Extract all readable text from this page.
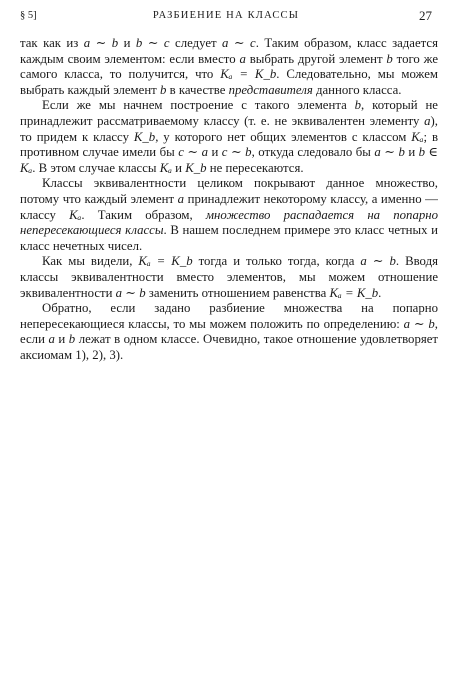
§ 5]	РАЗБИЕНИЕ НА КЛАССЫ	27

так как из a ∼ b и b ∼ c следует a ∼ c. Таким образом, класс задается каждым своим элементом: если вместо a выбрать другой элемент b того же самого класса, то получится, что Kₐ = K_b. Следовательно, мы можем выбрать каждый элемент b в качестве представителя данного класса.

Если же мы начнем построение с такого элемента b, который не принадлежит рассматриваемому классу (т. е. не эквивалентен элементу a), то придем к классу K_b, у которого нет общих элементов с классом Kₐ; в противном случае имели бы c ∼ a и c ∼ b, откуда следовало бы a ∼ b и b ∈ Kₐ. В этом случае классы Kₐ и K_b не пересекаются.

Классы эквивалентности целиком покрывают данное множество, потому что каждый элемент a принадлежит некоторому классу, а именно — классу Kₐ. Таким образом, множество распадается на попарно непересекающиеся классы. В нашем последнем примере это класс четных и класс нечетных чисел.

Как мы видели, Kₐ = K_b тогда и только тогда, когда a ∼ b. Вводя классы эквивалентности вместо элементов, мы можем отношение эквивалентности a ∼ b заменить отношением равенства Kₐ = K_b.

Обратно, если задано разбиение множества на попарно непересекающиеся классы, то мы можем положить по определению: a ∼ b, если a и b лежат в одном классе. Очевидно, такое отношение удовлетворяет аксиомам 1), 2), 3).
